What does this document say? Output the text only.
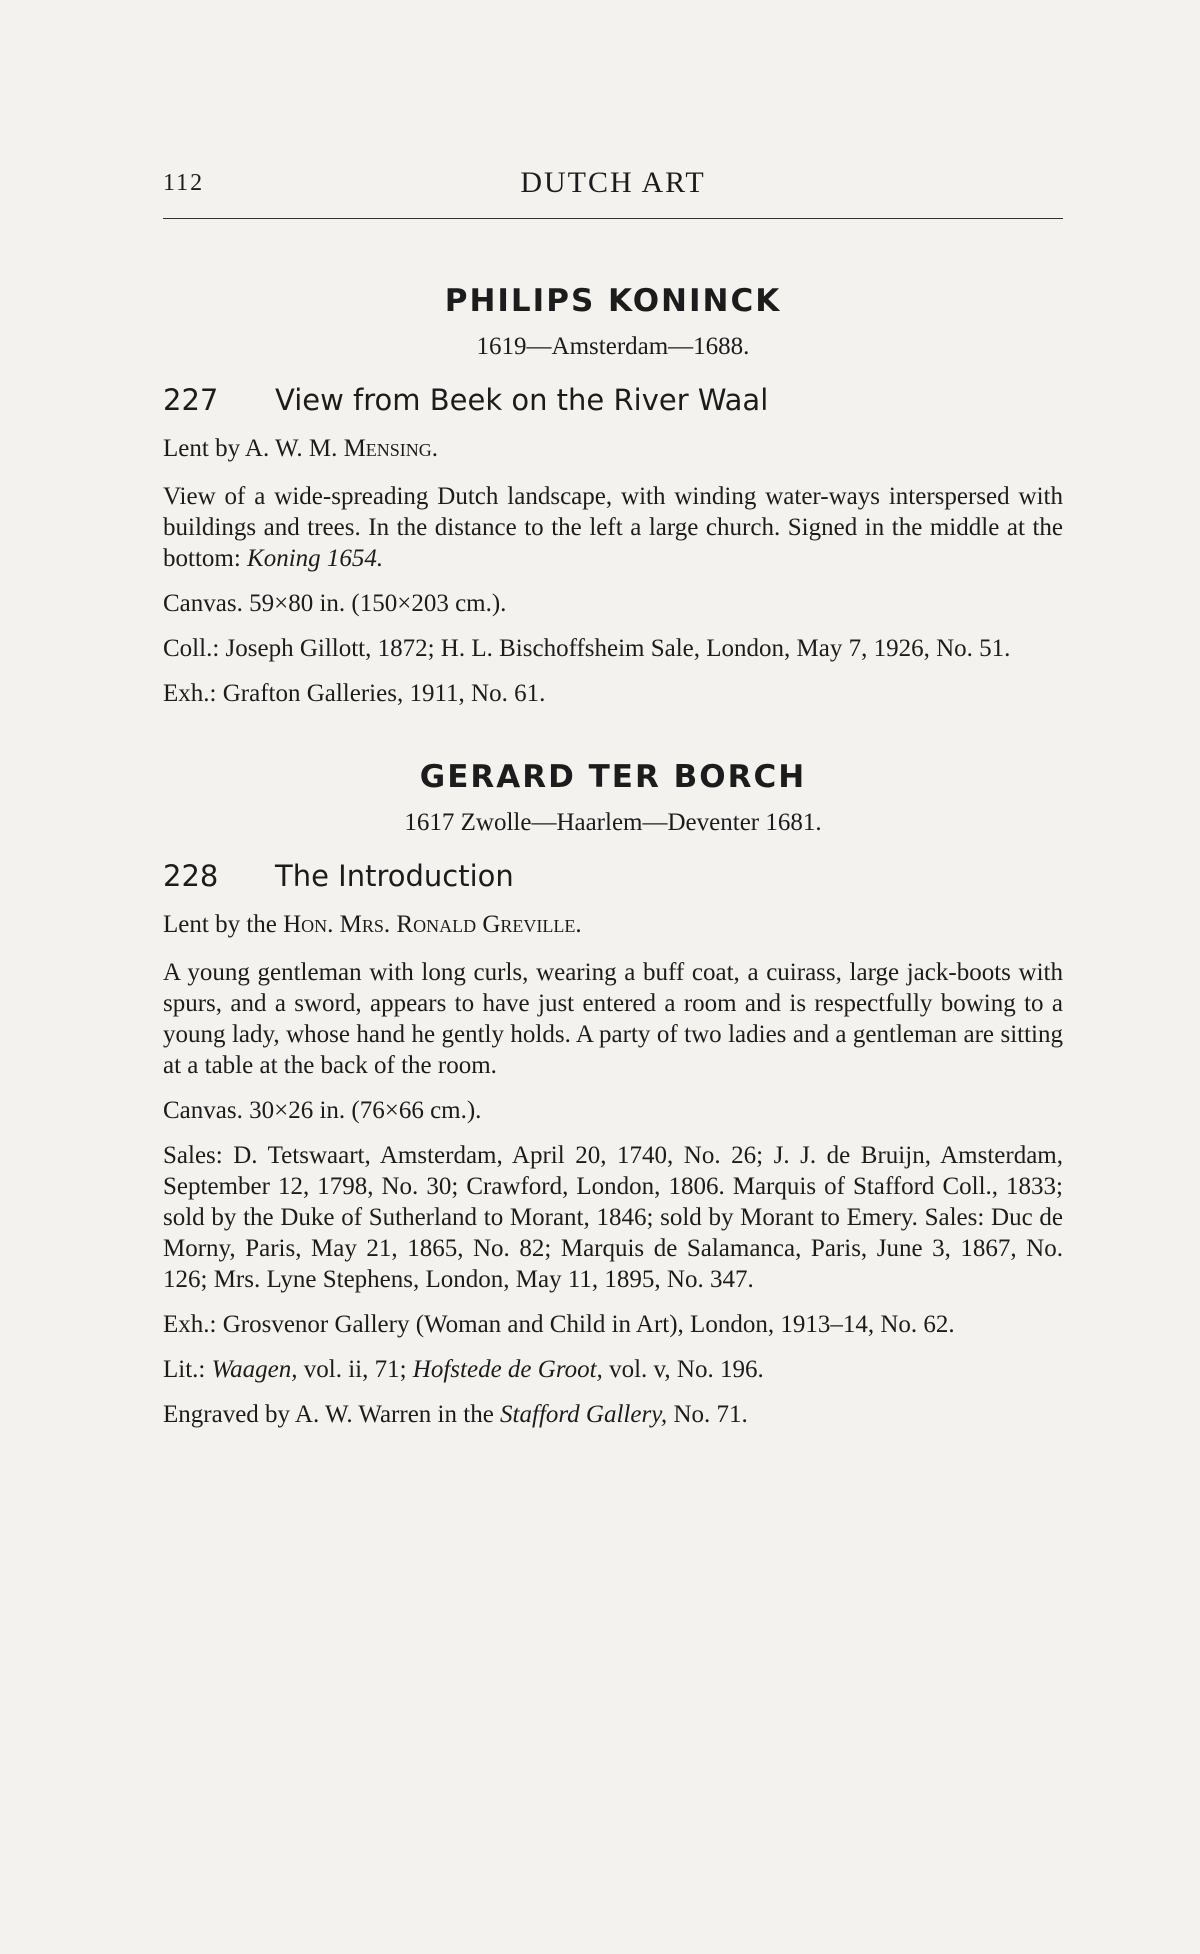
112	DUTCH ART
PHILIPS KONINCK
1619—Amsterdam—1688.
227	View from Beek on the River Waal
Lent by A. W. M. Mensing.
View of a wide-spreading Dutch landscape, with winding water-ways interspersed with buildings and trees. In the distance to the left a large church. Signed in the middle at the bottom: Koning 1654.
Canvas. 59×80 in. (150×203 cm.).
Coll.: Joseph Gillott, 1872; H. L. Bischoffsheim Sale, London, May 7, 1926, No. 51.
Exh.: Grafton Galleries, 1911, No. 61.
GERARD TER BORCH
1617 Zwolle—Haarlem—Deventer 1681.
228	The Introduction
Lent by the Hon. Mrs. Ronald Greville.
A young gentleman with long curls, wearing a buff coat, a cuirass, large jack-boots with spurs, and a sword, appears to have just entered a room and is respectfully bowing to a young lady, whose hand he gently holds. A party of two ladies and a gentleman are sitting at a table at the back of the room.
Canvas. 30×26 in. (76×66 cm.).
Sales: D. Tetswaart, Amsterdam, April 20, 1740, No. 26; J. J. de Bruijn, Amsterdam, September 12, 1798, No. 30; Crawford, London, 1806. Marquis of Stafford Coll., 1833; sold by the Duke of Sutherland to Morant, 1846; sold by Morant to Emery. Sales: Duc de Morny, Paris, May 21, 1865, No. 82; Marquis de Salamanca, Paris, June 3, 1867, No. 126; Mrs. Lyne Stephens, London, May 11, 1895, No. 347.
Exh.: Grosvenor Gallery (Woman and Child in Art), London, 1913–14, No. 62.
Lit.: Waagen, vol. ii, 71; Hofstede de Groot, vol. v, No. 196.
Engraved by A. W. Warren in the Stafford Gallery, No. 71.
